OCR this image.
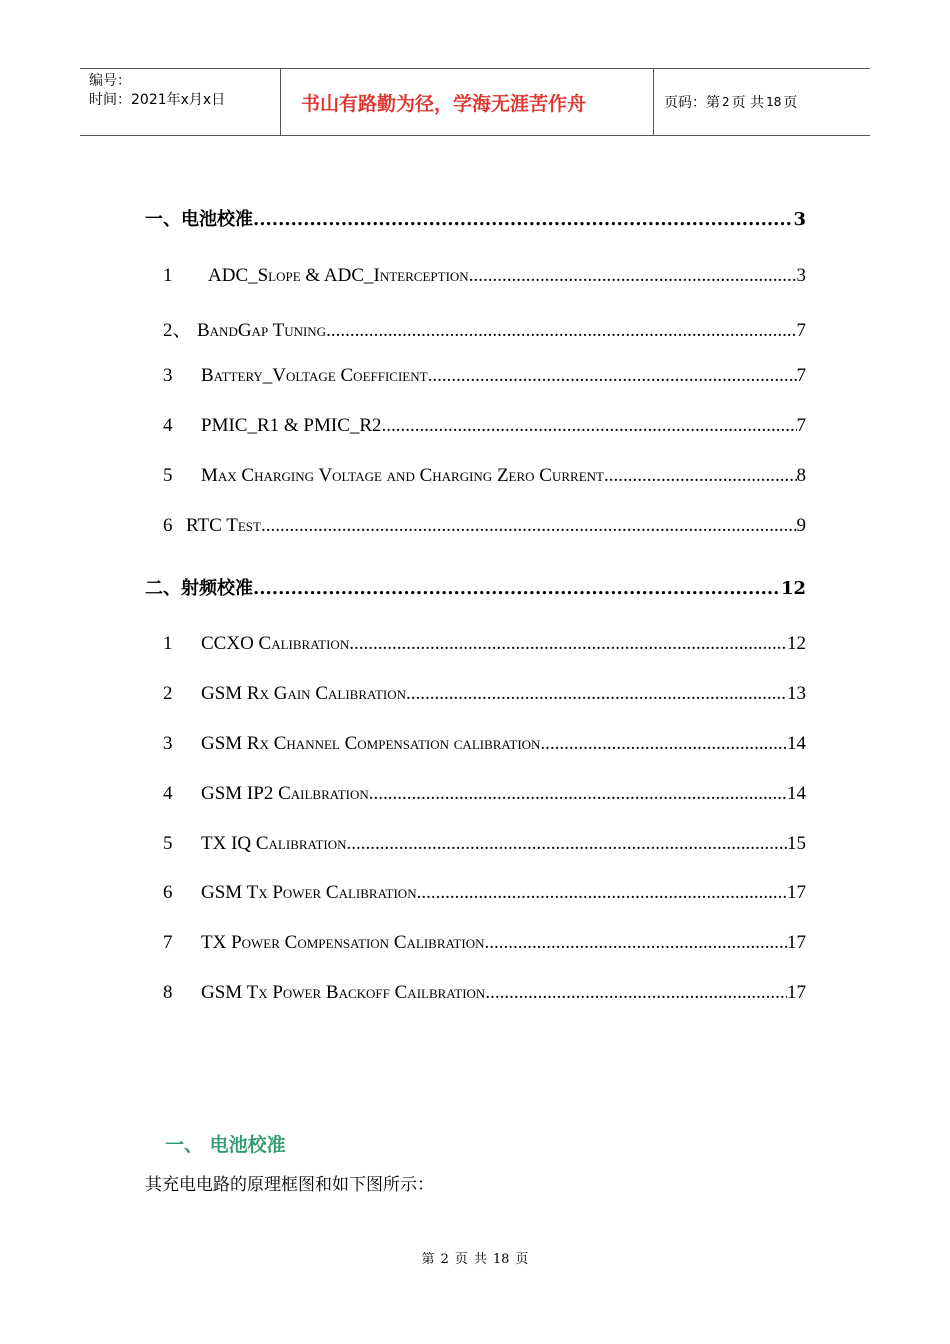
编号：
时间：2021年x月x日	书山有路勤为径，学海无涯苦作舟	页码：第 2 页 共 18 页
一、 电池校准 .....	3
1	ADC_Slope & ADC_Interception .....	3
2、 BandGap Tuning .....	7
3	Battery_Voltage Coefficient .....	7
4	PMIC_R1 & PMIC_R2 .....	7
5	Max Charging Voltage and Charging Zero Current .....	8
6 RTC Test .....	9
二、 射频校准 .....	12
1	CCXO Calibration .....	12
2	GSM Rx Gain Calibration .....	13
3	GSM Rx Channel Compensation calibration .....	14
4	GSM IP2 Cailbration .....	14
5	TX IQ Calibration .....	15
6	GSM Tx Power Calibration .....	17
7	TX Power Compensation Calibration .....	17
8	GSM Tx Power Backoff Cailbration .....	17
一、 电池校准
其充电电路的原理框图和如下图所示：
第 2 页 共 18 页
